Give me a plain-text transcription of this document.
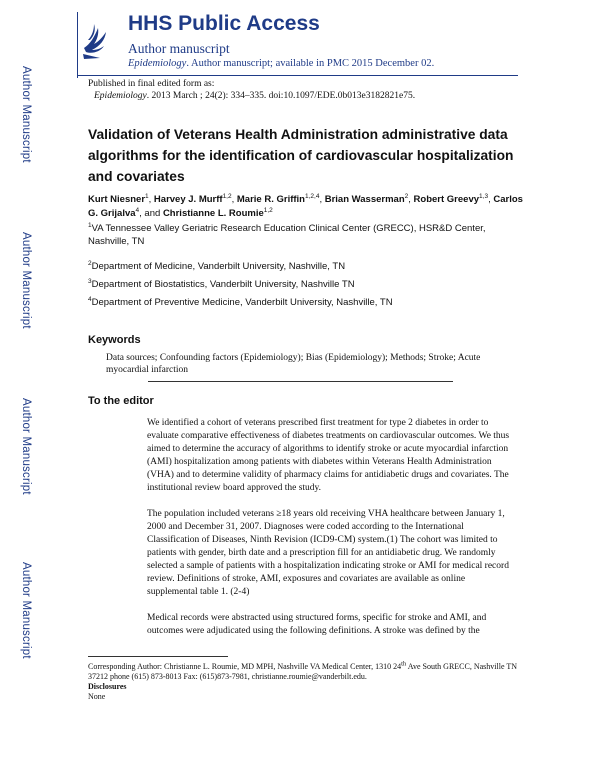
Author Manuscript
Author Manuscript
Author Manuscript
Author Manuscript
HHS Public Access
Author manuscript
Epidemiology. Author manuscript; available in PMC 2015 December 02.
Published in final edited form as:
Epidemiology. 2013 March ; 24(2): 334–335. doi:10.1097/EDE.0b013e3182821e75.
Validation of Veterans Health Administration administrative data algorithms for the identification of cardiovascular hospitalization and covariates
Kurt Niesner$^1$, Harvey J. Murff$^{1,2}$, Marie R. Griffin$^{1,2,4}$, Brian Wasserman$^2$, Robert Greevy$^{1,3}$, Carlos G. Grijalva$^4$, and Christianne L. Roumie$^{1,2}$
$^1$VA Tennessee Valley Geriatric Research Education Clinical Center (GRECC), HSR&D Center, Nashville, TN
$^2$Department of Medicine, Vanderbilt University, Nashville, TN
$^3$Department of Biostatistics, Vanderbilt University, Nashville TN
$^4$Department of Preventive Medicine, Vanderbilt University, Nashville, TN
Keywords
Data sources; Confounding factors (Epidemiology); Bias (Epidemiology); Methods; Stroke; Acute myocardial infarction
To the editor
We identified a cohort of veterans prescribed first treatment for type 2 diabetes in order to evaluate comparative effectiveness of diabetes treatments on cardiovascular outcomes. We thus aimed to determine the accuracy of algorithms to identify stroke or acute myocardial infarction (AMI) hospitalization among patients with diabetes within Veterans Health Administration (VHA) and to determine validity of pharmacy claims for antidiabetic drugs and covariates. The institutional review board approved the study.
The population included veterans ≥18 years old receiving VHA healthcare between January 1, 2000 and December 31, 2007. Diagnoses were coded according to the International Classification of Diseases, Ninth Revision (ICD9-CM) system.(1) The cohort was limited to patients with gender, birth date and a prescription fill for an antidiabetic drug. We randomly selected a sample of patients with a hospitalization indicating stroke or AMI for medical record review. Definitions of stroke, AMI, exposures and covariates are available as online supplemental table 1. (2-4)
Medical records were abstracted using structured forms, specific for stroke and AMI, and outcomes were adjudicated using the following definitions. A stroke was defined by the
Corresponding Author: Christianne L. Roumie, MD MPH, Nashville VA Medical Center, 1310 24th Ave South GRECC, Nashville TN 37212 phone (615) 873-8013 Fax: (615)873-7981, christianne.roumie@vanderbilt.edu.
Disclosures
None
